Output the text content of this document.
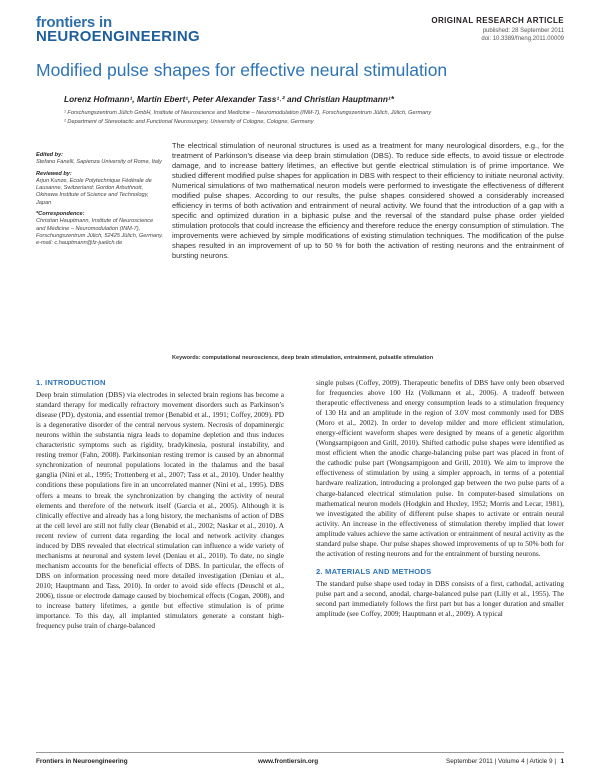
frontiers in
NEUROENGINEERING
ORIGINAL RESEARCH ARTICLE
published: 28 September 2011
doi: 10.3389/fneng.2011.00009
Modified pulse shapes for effective neural stimulation
Lorenz Hofmann¹, Martin Ebert¹, Peter Alexander Tass¹˒² and Christian Hauptmann¹*
¹ Forschungszentrum Jülich GmbH, Institute of Neuroscience and Medicine – Neuromodulation (INM-7), Forschungszentrum Jülich, Jülich, Germany
² Department of Stereotactic and Functional Neurosurgery, University of Cologne, Cologne, Germany
Edited by:
Stefano Fanelli, Sapienza University of Rome, Italy
Reviewed by:
Arjun Kunze, Ecole Polytechnique Fédérale de Lausanne, Switzerland; Gordon Arbuthnott, Okinawa Institute of Science and Technology, Japan
*Correspondence:
Christian Hauptmann, Institute of Neuroscience and Medicine – Neuromodulation (INM-7), Forschungszentrum Jülich, 52425 Jülich, Germany.
e-mail: c.hauptmann@fz-juelich.de
The electrical stimulation of neuronal structures is used as a treatment for many neurological disorders, e.g., for the treatment of Parkinson’s disease via deep brain stimulation (DBS). To reduce side effects, to avoid tissue or electrode damage, and to increase battery lifetimes, an effective but gentle electrical stimulation is of prime importance. We studied different modified pulse shapes for application in DBS with respect to their efficiency to initiate neuronal activity. Numerical simulations of two mathematical neuron models were performed to investigate the effectiveness of different modified pulse shapes. According to our results, the pulse shapes considered showed a considerably increased efficiency in terms of both activation and entrainment of neural activity. We found that the introduction of a gap with a specific and optimized duration in a biphasic pulse and the reversal of the standard pulse phase order yielded stimulation protocols that could increase the efficiency and therefore reduce the energy consumption of stimulation. The improvements were achieved by simple modifications of existing stimulation techniques. The modification of the pulse shapes resulted in an improvement of up to 50 % for both the activation of resting neurons and the entrainment of bursting neurons.
Keywords: computational neuroscience, deep brain stimulation, entrainment, pulsatile stimulation
1. INTRODUCTION

Deep brain stimulation (DBS) via electrodes in selected brain regions has become a standard therapy for medically refractory movement disorders such as Parkinson’s disease (PD), dystonia, and essential tremor (Benabid et al., 1991; Coffey, 2009). PD is a degenerative disorder of the central nervous system. Necrosis of dopaminergic neurons within the substantia nigra leads to dopamine depletion and thus induces characteristic symptoms such as rigidity, bradykinesia, postural instability, and resting tremor (Fahn, 2008). Parkinsonian resting tremor is caused by an abnormal synchronization of neuronal populations located in the thalamus and the basal ganglia (Nini et al., 1995; Trottenberg et al., 2007; Tass et al., 2010). Under healthy conditions these populations fire in an uncorrelated manner (Nini et al., 1995). DBS offers a means to break the synchronization by changing the activity of neural elements and therefore of the network itself (Garcia et al., 2005). Although it is clinically effective and already has a long history, the mechanisms of action of DBS at the cell level are still not fully clear (Benabid et al., 2002; Naskar et al., 2010). A recent review of current data regarding the local and network activity changes induced by DBS revealed that electrical stimulation can influence a wide variety of mechanisms at neuronal and system level (Deniau et al., 2010). To date, no single mechanism accounts for the beneficial effects of DBS. In particular, the effects of DBS on information processing need more detailed investigation (Deniau et al., 2010; Hauptmann and Tass, 2010). In order to avoid side effects (Deuschl et al., 2006), tissue or electrode damage caused by biochemical effects (Cogan, 2008), and to increase battery lifetimes, a gentle but effective stimulation is of prime importance. To this day, all implanted stimulators generate a constant high-frequency pulse train of charge-balanced

single pulses (Coffey, 2009). Therapeutic benefits of DBS have only been observed for frequencies above 100 Hz (Volkmann et al., 2006). A tradeoff between therapeutic effectiveness and energy consumption leads to a stimulation frequency of 130 Hz and an amplitude in the region of 3.0V most commonly used for DBS (Moro et al., 2002). In order to develop milder and more efficient stimulation, energy-efficient waveform shapes were designed by means of a genetic algorithm (Wongsarnpigoon and Grill, 2010). Shifted cathodic pulse shapes were identified as most efficient when the anodic charge-balancing pulse part was placed in front of the cathodic pulse part (Wongsarnpigoon and Grill, 2010). We aim to improve the effectiveness of stimulation by using a simpler approach, in terms of a potential hardware realization, introducing a prolonged gap between the two pulse parts of a charge-balanced electrical stimulation pulse. In computer-based simulations on mathematical neuron models (Hodgkin and Huxley, 1952; Morris and Lecar, 1981), we investigated the ability of different pulse shapes to activate or entrain neural activity. An increase in the effectiveness of stimulation thereby implied that lower amplitude values achieve the same activation or entrainment of neural activity as the standard pulse shape. Our pulse shapes showed improvements of up to 50% both for the activation of resting neurons and for the entrainment of bursting neurons.

2. MATERIALS AND METHODS

The standard pulse shape used today in DBS consists of a first, cathodal, activating pulse part and a second, anodal, charge-balanced pulse part (Lilly et al., 1955). The second part immediately follows the first part but has a longer duration and smaller amplitude (see Coffey, 2009; Hauptmann et al., 2009). A typical

Frontiers in Neuroengineering	www.frontiersin.org	September 2011 | Volume 4 | Article 9 | 1
